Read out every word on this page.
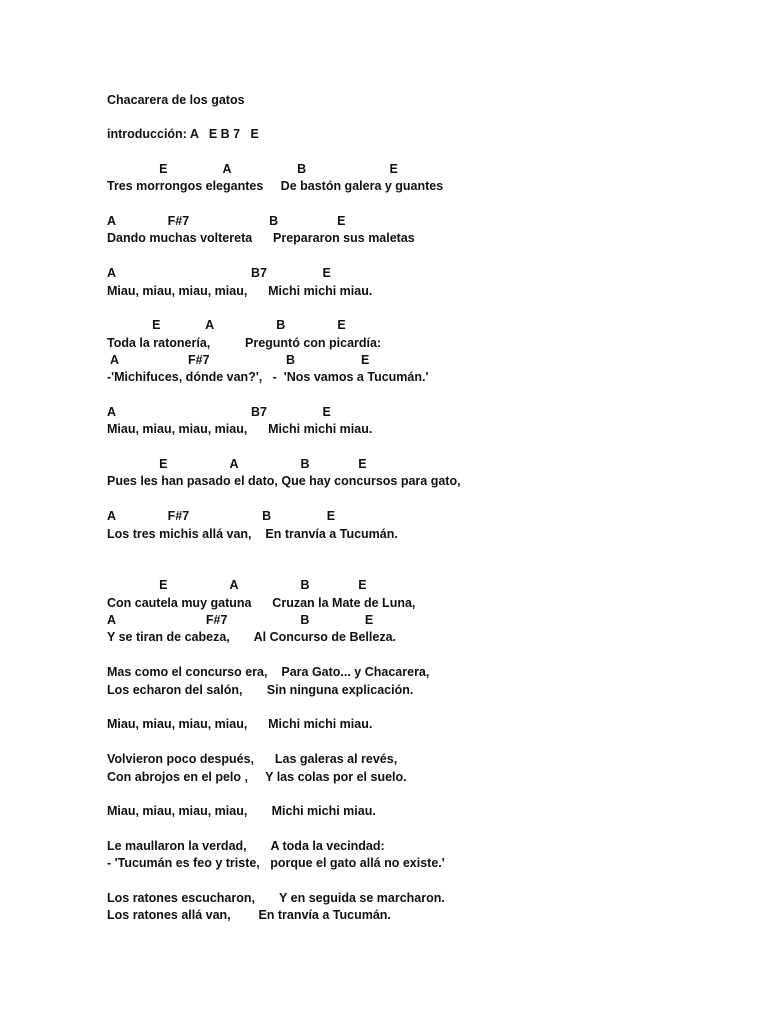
Chacarera de los gatos
introducción: A   E B 7   E
E                A                   B                        E
Tres morrongos elegantes     De bastón galera y guantes
A               F#7                       B                 E
Dando muchas voltereta      Prepararon sus maletas
A                                       B7                E
Miau, miau, miau, miau,      Michi michi miau.
E             A                  B               E
Toda la ratonería,          Preguntó con picardía:
A                    F#7                      B                   E
-'Michifuces, dónde van?',   -  'Nos vamos a Tucumán.'
A                                       B7                E
Miau, miau, miau, miau,      Michi michi miau.
E                  A                  B              E
Pues les han pasado el dato, Que hay concursos para gato,
A               F#7                     B                E
Los tres michis allá van,    En tranvía a Tucumán.
E                  A                  B              E
Con cautela muy gatuna      Cruzan la Mate de Luna,
A                          F#7                     B                E
Y se tiran de cabeza,       Al Concurso de Belleza.
Mas como el concurso era,    Para Gato... y Chacarera,
Los echaron del salón,       Sin ninguna explicación.
Miau, miau, miau, miau,      Michi michi miau.
Volvieron poco después,      Las galeras al revés,
Con abrojos en el pelo ,     Y las colas por el suelo.
Miau, miau, miau, miau,       Michi michi miau.
Le maullaron la verdad,       A toda la vecindad:
- 'Tucumán es feo y triste,   porque el gato allá no existe.'
Los ratones escucharon,       Y en seguida se marcharon.
Los ratones allá van,        En tranvía a Tucumán.
